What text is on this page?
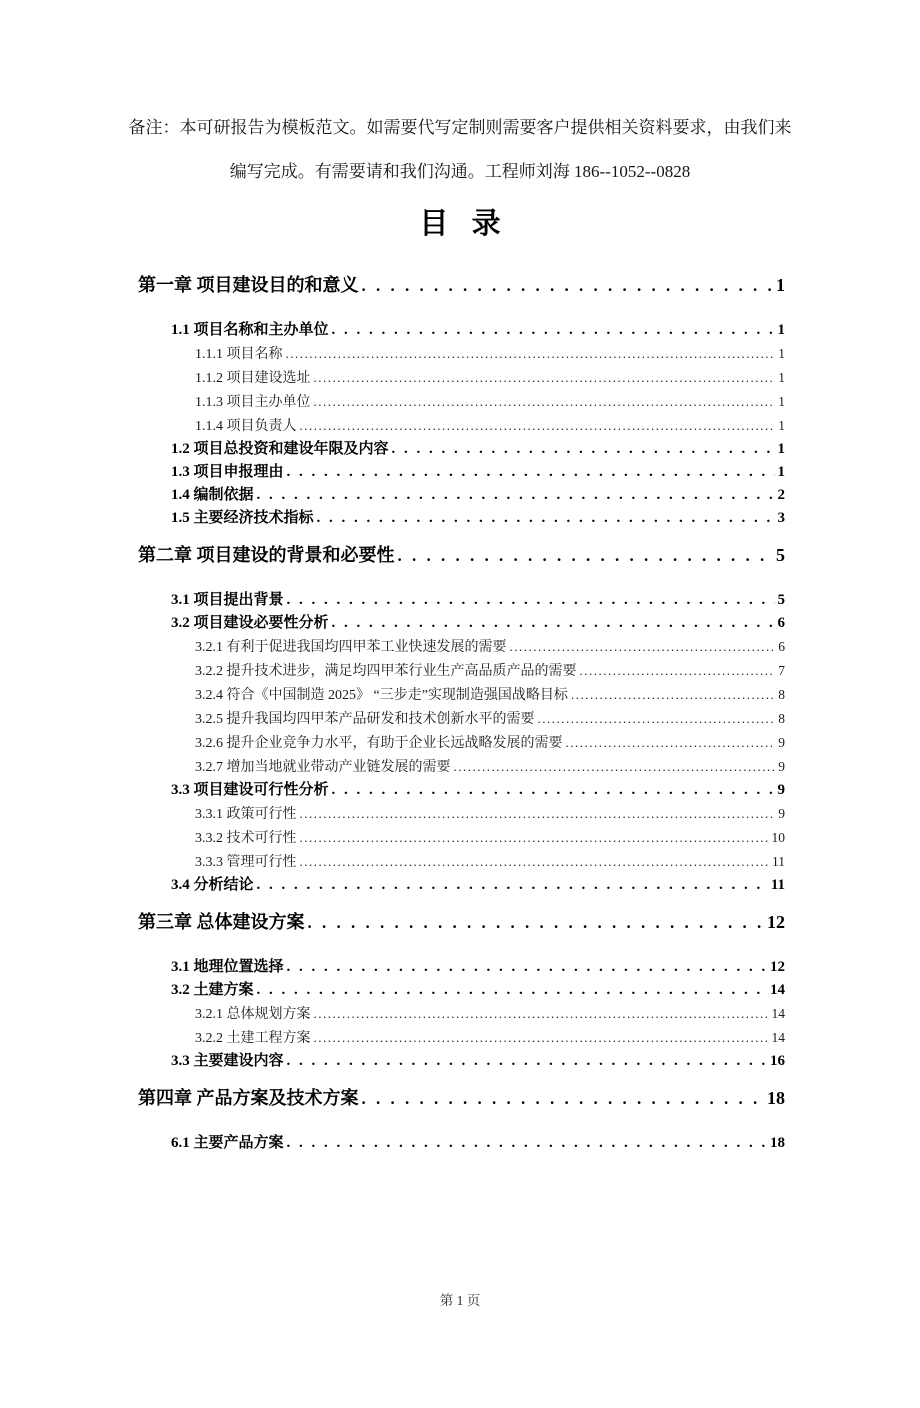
备注：本可研报告为模板范文。如需要代写定制则需要客户提供相关资料要求，由我们来
编写完成。有需要请和我们沟通。工程师刘海 186--1052--0828
目 录
第一章 项目建设目的和意义 . . .	1
1.1 项目名称和主办单位 . . .	1
1.1.1 项目名称 .....	1
1.1.2 项目建设选址 .....	1
1.1.3 项目主办单位 .....	1
1.1.4 项目负责人 .....	1
1.2 项目总投资和建设年限及内容 . . .	1
1.3 项目申报理由 . . .	1
1.4 编制依据 . . .	2
1.5 主要经济技术指标 . . .	3
第二章 项目建设的背景和必要性 . . .	5
3.1 项目提出背景 . . .	5
3.2 项目建设必要性分析 . . .	6
3.2.1 有利于促进我国均四甲苯工业快速发展的需要 .....	6
3.2.2 提升技术进步，满足均四甲苯行业生产高品质产品的需要 .....	7
3.2.4 符合《中国制造 2025》 “三步走”实现制造强国战略目标 .....	8
3.2.5 提升我国均四甲苯产品研发和技术创新水平的需要 .....	8
3.2.6 提升企业竞争力水平，有助于企业长远战略发展的需要 .....	9
3.2.7 增加当地就业带动产业链发展的需要 .....	9
3.3 项目建设可行性分析 . . .	9
3.3.1 政策可行性 .....	9
3.3.2 技术可行性 .....	10
3.3.3 管理可行性 .....	11
3.4 分析结论 . . .	11
第三章 总体建设方案 . . .	12
3.1 地理位置选择 . . .	12
3.2 土建方案 . . .	14
3.2.1 总体规划方案 .....	14
3.2.2 土建工程方案 .....	14
3.3 主要建设内容 . . .	16
第四章 产品方案及技术方案 . . .	18
6.1 主要产品方案 . . .	18
第 1 页
